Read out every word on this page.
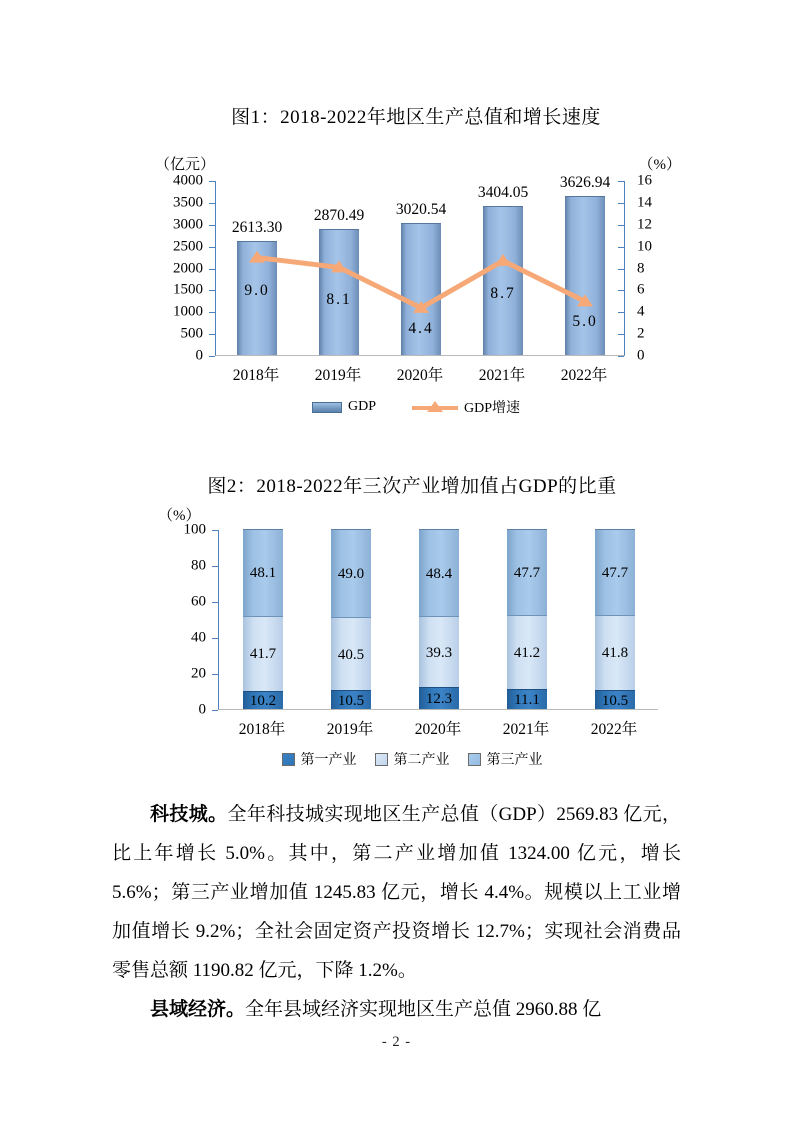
图1：2018-2022年地区生产总值和增长速度
（亿元）	（%）
0
500
1000
1500
2000
2500
3000
3500
4000
2613.30
2870.49	3020.54
3404.05
3626.94
9.0
8.1
4.4
8.7
5.0
0
2
4
6
8
10
12
14
16
2018年	2019年	2020年	2021年	2022年
GDP	GDP增速
图2：2018-2022年三次产业增加值占GDP的比重
（%）
0
20
40
60
80
100
10.2
41.7
48.1
10.5
40.5
49.0
12.3
39.3
48.4
11.1
41.2
47.7
10.5
41.8
47.7
2018年	2019年	2020年	2021年	2022年
第一产业	第二产业	第三产业

科技城。全年科技城实现地区生产总值（GDP）2569.83 亿元，比上年增长 5.0%。其中，第二产业增加值 1324.00 亿元，增长 5.6%；第三产业增加值 1245.83 亿元，增长 4.4%。规模以上工业增加值增长 9.2%；全社会固定资产投资增长 12.7%；实现社会消费品零售总额 1190.82 亿元，下降 1.2%。

县域经济。全年县域经济实现地区生产总值 2960.88 亿

- 2 -
